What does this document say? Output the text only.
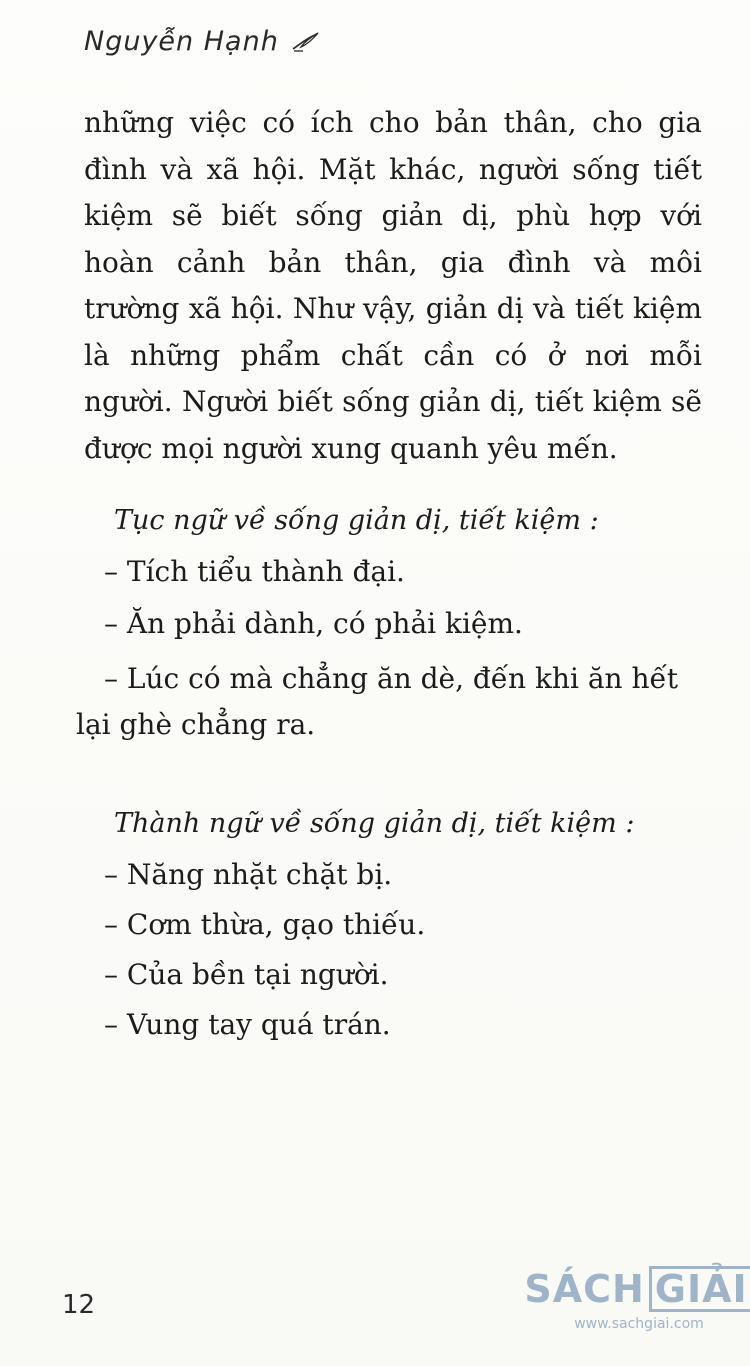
Nguyễn Hạnh

những việc có ích cho bản thân, cho gia đình và xã hội. Mặt khác, người sống tiết kiệm sẽ biết sống giản dị, phù hợp với hoàn cảnh bản thân, gia đình và môi trường xã hội. Như vậy, giản dị và tiết kiệm là những phẩm chất cần có ở nơi mỗi người. Người biết sống giản dị, tiết kiệm sẽ được mọi người xung quanh yêu mến.

Tục ngữ về sống giản dị, tiết kiệm :

– Tích tiểu thành đại.

– Ăn phải dành, có phải kiệm.

– Lúc có mà chẳng ăn dè, đến khi ăn hết lại ghè chẳng ra.

Thành ngữ về sống giản dị, tiết kiệm :

– Năng nhặt chặt bị.

– Cơm thừa, gạo thiếu.

– Của bền tại người.

– Vung tay quá trán.

12	SÁCH GIẢI
www.sachgiai.com
